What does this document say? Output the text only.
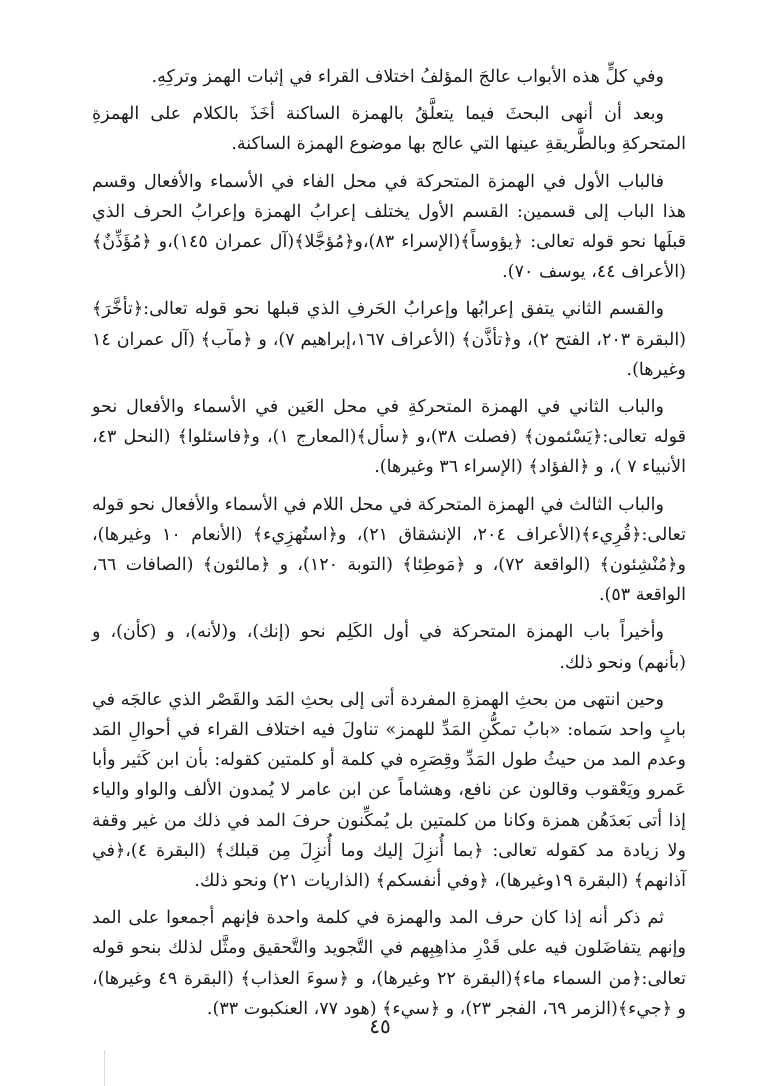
وفي كلٍّ هذه الأبواب عالجَ المؤلفُ اختلاف القراء في إثبات الهمز وتركِهِ.

وبعد أن أنهى البحثَ فيما يتعلَّقُ بالهمزة الساكنة أخَذَ بالكلام على الهمزةِ المتحركةِ وبالطَّريقةِ عينها التي عالج بها موضوع الهمزة الساكنة.

فالباب الأول في الهمزة المتحركة في محل الفاء في الأسماء والأفعال وقسم هذا الباب إلى قسمين: القسم الأول يختلف إعرابُ الهمزة وإعرابُ الحرف الذي قبلَها نحو قوله تعالى: ﴿يؤوساً﴾(الإسراء ٨٣)،و﴿مُؤجَّلا﴾(آل عمران ١٤٥)،و ﴿مُؤَذِّنٌ﴾ (الأعراف ٤٤، يوسف ٧٠).

والقسم الثاني يتفق إعرابُها وإعرابُ الحَرفِ الذي قبلها نحو قوله تعالى:﴿تأخَّرَ﴾ (البقرة ٢٠٣، الفتح ٢)، و﴿تأذَّن﴾ (الأعراف ١٦٧،إبراهيم ٧)، و ﴿مآب﴾ (آل عمران ١٤ وغيرها).

والباب الثاني في الهمزة المتحركةِ في محل العَين في الأسماء والأفعال نحو قوله تعالى:﴿يَسْئمون﴾ (فصلت ٣٨)،و ﴿سأل﴾(المعارج ١)، و﴿فاسئلوا﴾ (النحل ٤٣، الأنبياء ٧ )، و ﴿الفؤاد﴾ (الإسراء ٣٦ وغيرها).

والباب الثالث في الهمزة المتحركة في محل اللام في الأسماء والأفعال نحو قوله تعالى:﴿قُرِيء﴾(الأعراف ٢٠٤، الإنشقاق ٢١)، و﴿استُهزِيء﴾ (الأنعام ١٠ وغيرها)، و﴿مُنْشِئون﴾ (الواقعة ٧٢)، و ﴿مَوطِئا﴾ (التوبة ١٢٠)، و ﴿مالئون﴾ (الصافات ٦٦، الواقعة ٥٣).

وأخيراً باب الهمزة المتحركة في أول الكَلِم نحو (إنك)، و(لأنه)، و (كأن)، و (بأنهم) ونحو ذلك.

وحين انتهى من بحثِ الهمزةِ المفردة أتى إلى بحثِ المَد والقَصْر الذي عالجَه في بابٍ واحد سَماه: «بابُ تمكُّنِ المَدِّ للهمز» تناولَ فيه اختلاف القراء في أحوالِ المَد وعدم المد من حيثُ طول المَدِّ وقِصَرِه في كلمة أو كلمتين كقوله: بأن ابن كَثير وأبا عَمرو ويَعْقوب وقالون عن نافع، وهشاماً عن ابن عامر لا يُمدون الألف والواو والياء إذا أتى بَعدَهُن همزة وكانا من كلمتين بل يُمكِّنون حرفَ المد في ذلك من غير وقفة ولا زيادة مد كقوله تعالى: ﴿بما أُنزِلَ إليك وما أُنزِلَ مِن قبلك﴾ (البقرة ٤)،﴿في آذانهم﴾ (البقرة ١٩وغيرها)، ﴿وفي أنفسكم﴾ (الذاريات ٢١) ونحو ذلك.

ثم ذكر أنه إذا كان حرف المد والهمزة في كلمة واحدة فإنهم أجمعوا على المد وإنهم يتفاضَلون فيه على قَدْرِ مذاهِبِهم في التَّجويد والتَّحقيق ومثَّل لذلك بنحو قوله تعالى:﴿من السماء ماء﴾(البقرة ٢٢ وغيرها)، و ﴿سوءَ العذاب﴾ (البقرة ٤٩ وغيرها)، و ﴿جيء﴾(الزمر ٦٩، الفجر ٢٣)، و ﴿سيء﴾ (هود ٧٧، العنكبوت ٣٣).

٤٥
